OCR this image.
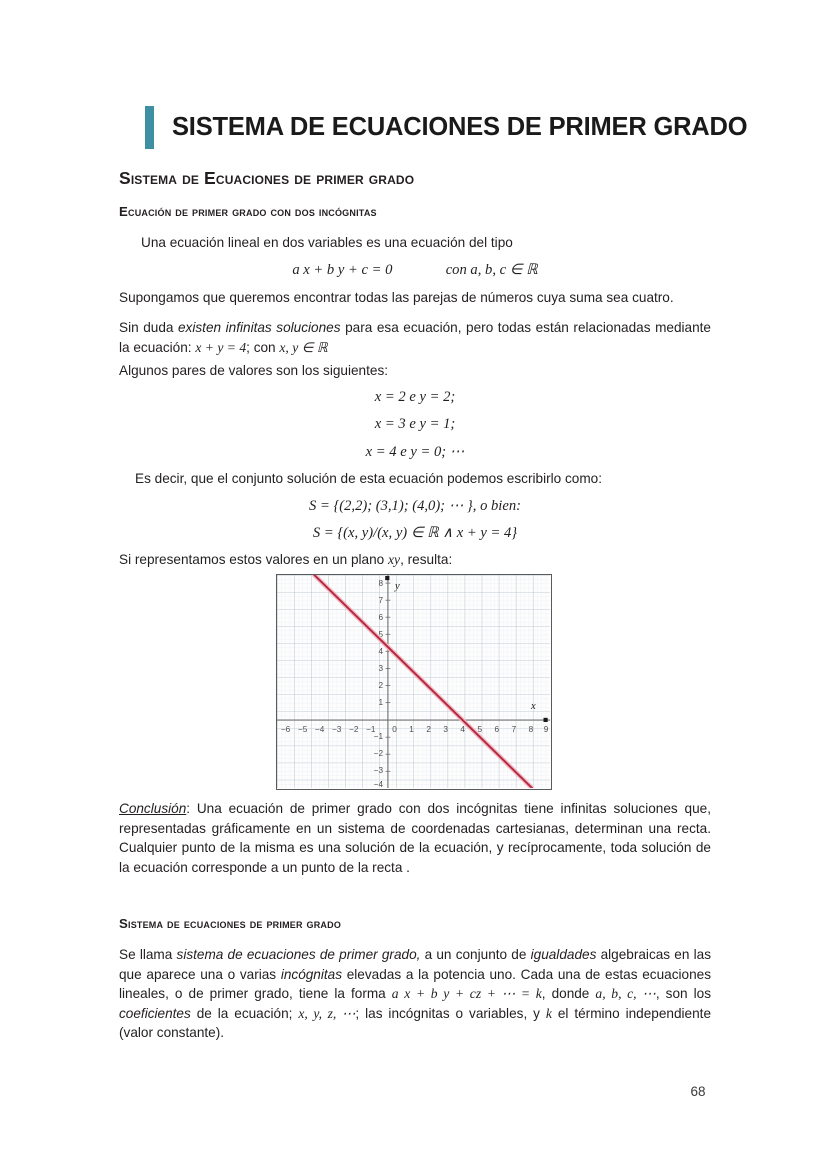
SISTEMA DE ECUACIONES DE PRIMER GRADO
Sistema de Ecuaciones de primer grado
Ecuación de primer grado con dos incógnitas
Una ecuación lineal en dos variables es una ecuación del tipo
a x + b y + c = 0	con a, b, c ∈ ℝ
Supongamos que queremos encontrar todas las parejas de números cuya suma sea cuatro.
Sin duda existen infinitas soluciones para esa ecuación, pero todas están relacionadas mediante la ecuación: x + y = 4; con x, y ∈ ℝ
Algunos pares de valores son los siguientes:
x = 2 e y = 2;
x = 3 e y = 1;
x = 4 e y = 0; ⋯
Es decir, que el conjunto solución de esta ecuación podemos escribirlo como:
S = {(2,2); (3,1); (4,0); ⋯ }, o bien:
S = {(x, y)/(x, y) ∈ ℝ ∧ x + y = 4}
Si representamos estos valores en un plano xy, resulta:
y
x
−6 −5 −4 −3 −2 −1 0 1 2 3 4 5 6 7 8 9
8
7
6
5
4
3
2
1
−1
−2
−3
−4
Conclusión: Una ecuación de primer grado con dos incógnitas tiene infinitas soluciones que, representadas gráficamente en un sistema de coordenadas cartesianas, determinan una recta. Cualquier punto de la misma es una solución de la ecuación, y recíprocamente, toda solución de la ecuación corresponde a un punto de la recta .
Sistema de ecuaciones de primer grado
Se llama sistema de ecuaciones de primer grado, a un conjunto de igualdades algebraicas en las que aparece una o varias incógnitas elevadas a la potencia uno. Cada una de estas ecuaciones lineales, o de primer grado, tiene la forma a x + b y + cz + ⋯ = k, donde a, b, c, ⋯, son los coeficientes de la ecuación; x, y, z, ⋯; las incógnitas o variables, y k el término independiente (valor constante).
68
